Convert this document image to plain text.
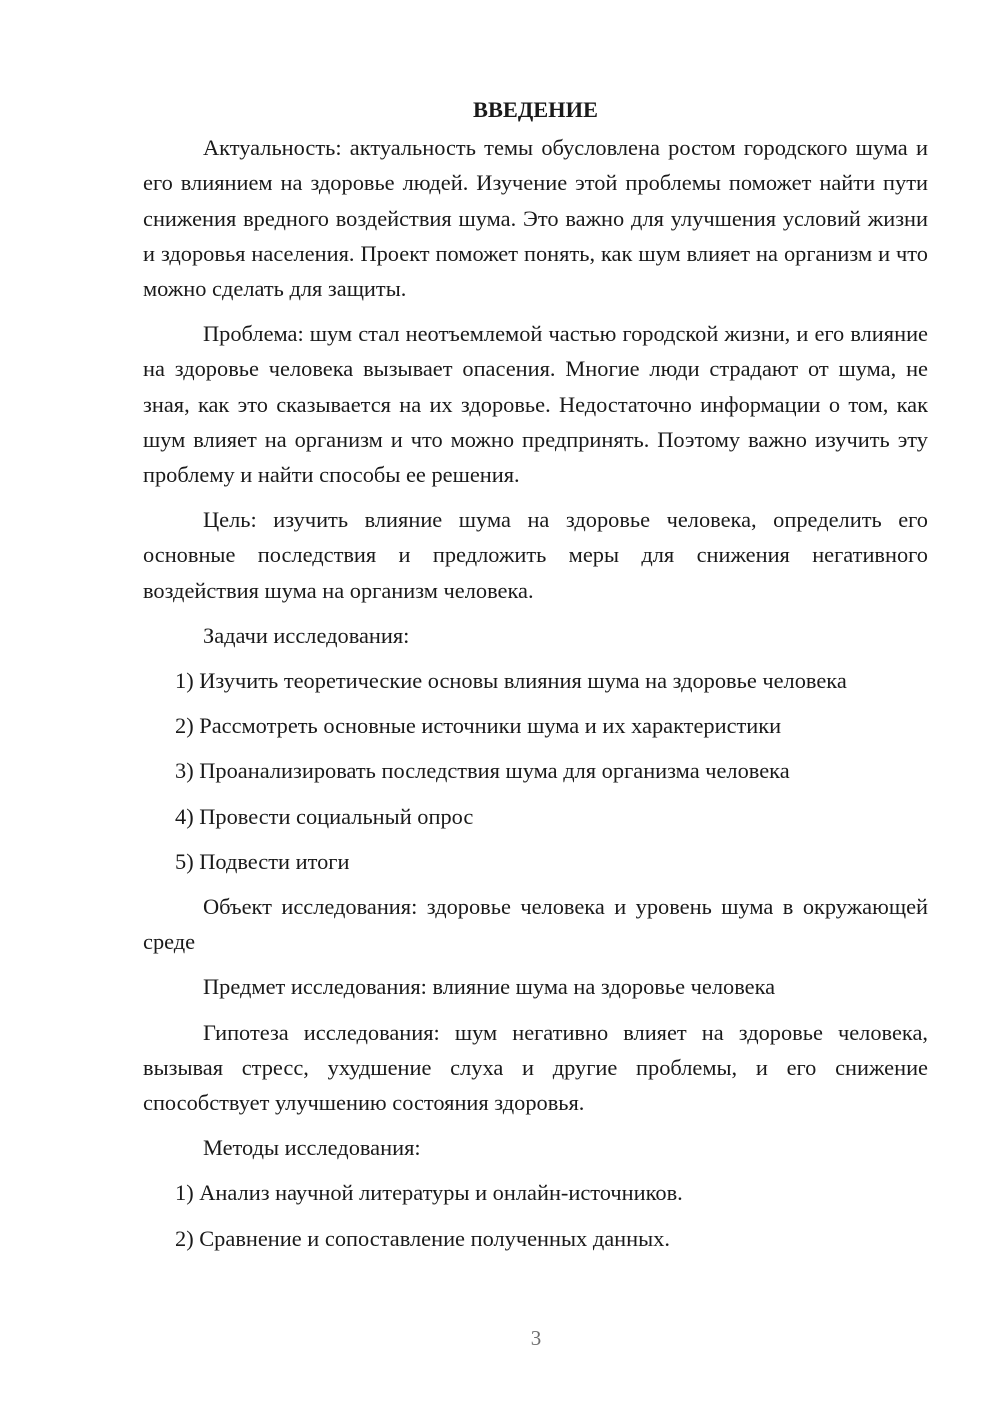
ВВЕДЕНИЕ

Актуальность: актуальность темы обусловлена ростом городского шума и его влиянием на здоровье людей. Изучение этой проблемы поможет найти пути снижения вредного воздействия шума. Это важно для улучшения условий жизни и здоровья населения. Проект поможет понять, как шум влияет на организм и что можно сделать для защиты.

Проблема: шум стал неотъемлемой частью городской жизни, и его влияние на здоровье человека вызывает опасения. Многие люди страдают от шума, не зная, как это сказывается на их здоровье. Недостаточно информации о том, как шум влияет на организм и что можно предпринять. Поэтому важно изучить эту проблему и найти способы ее решения.

Цель: изучить влияние шума на здоровье человека, определить его основные последствия и предложить меры для снижения негативного воздействия шума на организм человека.

Задачи исследования:

1) Изучить теоретические основы влияния шума на здоровье человека
2) Рассмотреть основные источники шума и их характеристики
3) Проанализировать последствия шума для организма человека
4) Провести социальный опрос
5) Подвести итоги

Объект исследования: здоровье человека и уровень шума в окружающей среде

Предмет исследования: влияние шума на здоровье человека

Гипотеза исследования: шум негативно влияет на здоровье человека, вызывая стресс, ухудшение слуха и другие проблемы, и его снижение способствует улучшению состояния здоровья.

Методы исследования:

1) Анализ научной литературы и онлайн-источников.
2) Сравнение и сопоставление полученных данных.
3
